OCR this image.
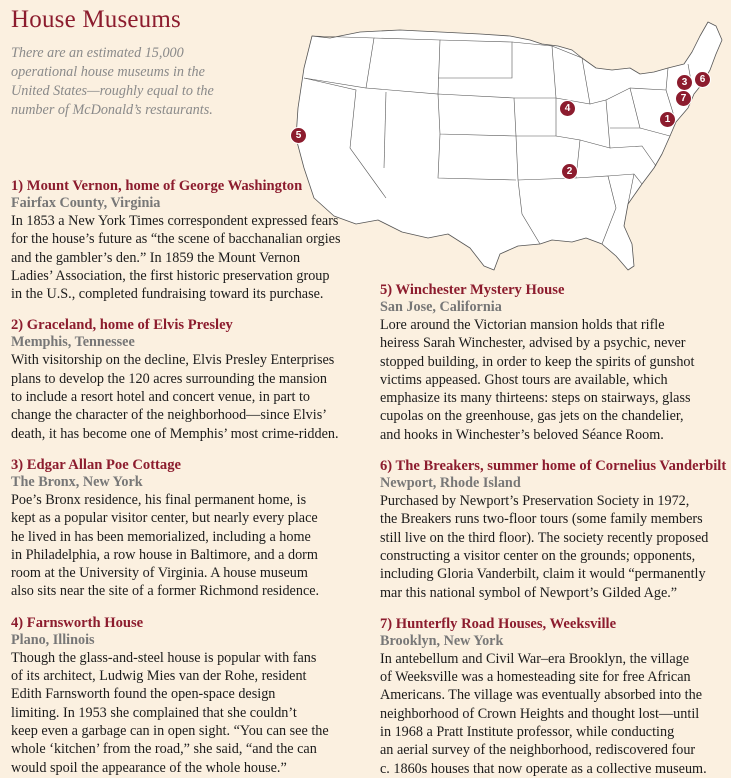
House Museums

There are an estimated 15,000 operational house museums in the United States—roughly equal to the number of McDonald’s restaurants.

1
2
3
4
5
6
7

1) Mount Vernon, home of George Washington

Fairfax County, Virginia

In 1853 a New York Times correspondent expressed fears
for the house’s future as “the scene of bacchanalian orgies
and the gambler’s den.” In 1859 the Mount Vernon
Ladies’ Association, the first historic preservation group
in the U.S., completed fundraising toward its purchase.

2) Graceland, home of Elvis Presley

Memphis, Tennessee

With visitorship on the decline, Elvis Presley Enterprises
plans to develop the 120 acres surrounding the mansion
to include a resort hotel and concert venue, in part to
change the character of the neighborhood—since Elvis’
death, it has become one of Memphis’ most crime-ridden.

3) Edgar Allan Poe Cottage

The Bronx, New York

Poe’s Bronx residence, his final permanent home, is
kept as a popular visitor center, but nearly every place
he lived in has been memorialized, including a home
in Philadelphia, a row house in Baltimore, and a dorm
room at the University of Virginia. A house museum
also sits near the site of a former Richmond residence.

4) Farnsworth House

Plano, Illinois

Though the glass-and-steel house is popular with fans
of its architect, Ludwig Mies van der Rohe, resident
Edith Farnsworth found the open-space design
limiting. In 1953 she complained that she couldn’t
keep even a garbage can in open sight. “You can see the
whole ‘kitchen’ from the road,” she said, “and the can
would spoil the appearance of the whole house.”

5) Winchester Mystery House

San Jose, California

Lore around the Victorian mansion holds that rifle
heiress Sarah Winchester, advised by a psychic, never
stopped building, in order to keep the spirits of gunshot
victims appeased. Ghost tours are available, which
emphasize its many thirteens: steps on stairways, glass
cupolas on the greenhouse, gas jets on the chandelier,
and hooks in Winchester’s beloved Séance Room.

6) The Breakers, summer home of Cornelius Vanderbilt

Newport, Rhode Island

Purchased by Newport’s Preservation Society in 1972,
the Breakers runs two-floor tours (some family members
still live on the third floor). The society recently proposed
constructing a visitor center on the grounds; opponents,
including Gloria Vanderbilt, claim it would “permanently
mar this national symbol of Newport’s Gilded Age.”

7) Hunterfly Road Houses, Weeksville

Brooklyn, New York

In antebellum and Civil War–era Brooklyn, the village
of Weeksville was a homesteading site for free African
Americans. The village was eventually absorbed into the
neighborhood of Crown Heights and thought lost—until
in 1968 a Pratt Institute professor, while conducting
an aerial survey of the neighborhood, rediscovered four
c. 1860s houses that now operate as a collective museum.
